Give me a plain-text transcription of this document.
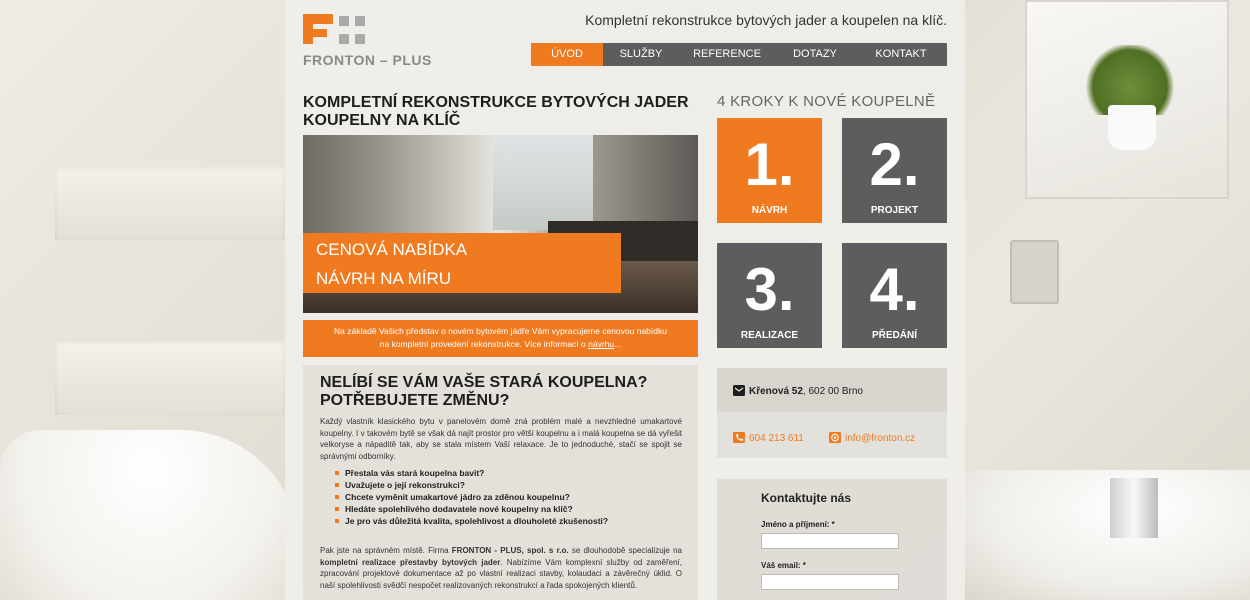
FRONTON – PLUS
Kompletní rekonstrukce bytových jader a koupelen na klíč.
ÚVOD	SLUŽBY	REFERENCE	DOTAZY	KONTAKT
KOMPLETNÍ REKONSTRUKCE BYTOVÝCH JADER
KOUPELNY NA KLÍČ
CENOVÁ NABÍDKA
NÁVRH NA MÍRU
Na základě Vašich představ o novém bytovém jádře Vám vypracujeme cenovou nabídku
na kompletní provedení rekonstrukce. Více informací o návrhu...
NELÍBÍ SE VÁM VAŠE STARÁ KOUPELNA?
POTŘEBUJETE ZMĚNU?

Každý vlastník klasického bytu v panelovém domě zná problém malé a nevzhledné umakartové koupelny. I v takovém bytě se však dá najít prostor pro větší koupelnu a i malá koupelna se dá vyřešit velkoryse a nápaditě tak, aby se stala místem Vaší relaxace. Je to jednoduché, stačí se spojit se správnými odborníky.

Přestala vás stará koupelna bavit?
Uvažujete o její rekonstrukci?
Chcete vyměnit umakartové jádro za zděnou koupelnu?
Hledáte spolehlivého dodavatele nové koupelny na klíč?
Je pro vás důležitá kvalita, spolehlivost a dlouholeté zkušenosti?

Pak jste na správném místě. Firma FRONTON - PLUS, spol. s r.o. se dlouhodobě specializuje na kompletní realizace přestavby bytových jader. Nabízíme Vám komplexní služby od zaměření, zpracování projektové dokumentace až po vlastní realizaci stavby, kolaudaci a závěrečný úklid. O naší spolehlivosti svědčí nespočet realizovaných rekonstrukcí a řada spokojených klientů.

4 KROKY K NOVÉ KOUPELNĚ
1.
NÁVRH
2.
PROJEKT
3.
REALIZACE
4.
PŘEDÁNÍ
Křenová 52, 602 00 Brno
604 213 611	info@fronton.cz
Kontaktujte nás
Jméno a příjmení: *
Váš email: *
